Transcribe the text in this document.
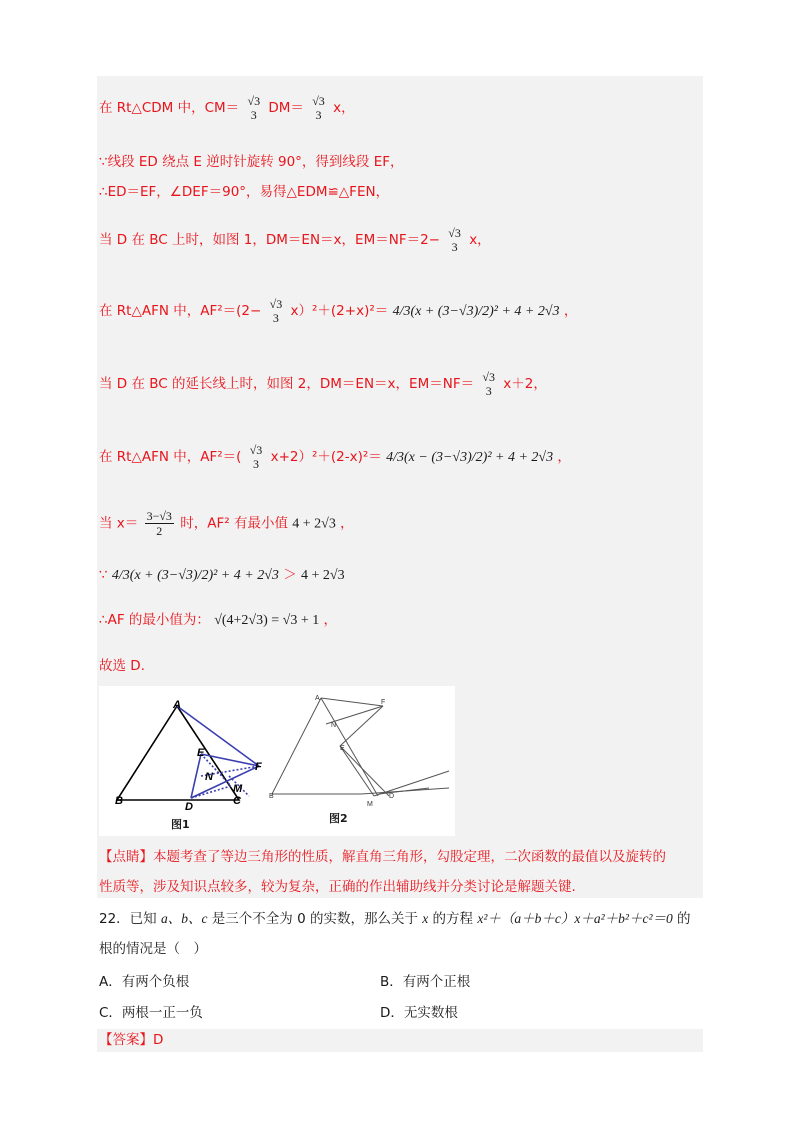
在 Rt△CDM 中，CM＝ √3
3 DM＝ √3
3 x，
∵线段 ED 绕点 E 逆时针旋转 90°，得到线段 EF，
∴ED＝EF，∠DEF＝90°，易得△EDM≌△FEN，
当 D 在 BC 上时，如图 1，DM＝EN＝x，EM＝NF＝2− √3
3 x，
在 Rt△AFN 中，AF²＝(2− √3
3 x）²＋(2+x)²＝ 4/3(x + (3−√3)/2)² + 4 + 2√3 ，
当 D 在 BC 的延长线上时，如图 2，DM＝EN＝x，EM＝NF＝ √3
3 x＋2，
在 Rt△AFN 中，AF²＝( √3
3 x+2）²＋(2-x)²＝ 4/3(x − (3−√3)/2)² + 4 + 2√3 ，
当 $x= \frac{3-√3}{2}$ 时，AF² 有最小值 4 + 2√3 ，
∵ 4/3(x + (3−√3)/2)² + 4 + 2√3 ＞ 4 + 2√3
∴AF 的最小值为： √(4+2√3) = √3 + 1 ，
故选 D.
A
B	C
D
E
F
N
M
图1
A
B
F
N
E
M
D
图2
【点睛】本题考查了等边三角形的性质，解直角三角形，勾股定理，二次函数的最值以及旋转的
性质等，涉及知识点较多，较为复杂，正确的作出辅助线并分类讨论是解题关键.
22．已知 a、b、c 是三个不全为 0 的实数，那么关于 x 的方程 x²＋（a＋b＋c）x＋a²＋b²＋c²＝0 的
根的情况是（　）
A．有两个负根	B．有两个正根
C．两根一正一负	D．无实数根
【答案】D
